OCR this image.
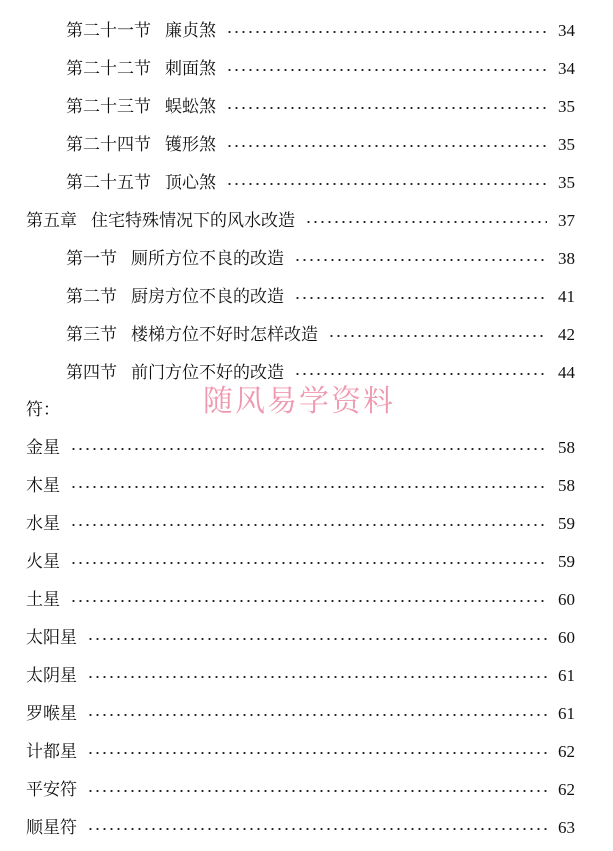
第二十一节 廉贞煞	34
第二十二节 刺面煞	34
第二十三节 蜈蚣煞	35
第二十四节 镬形煞	35
第二十五节 顶心煞	35
第五章 住宅特殊情况下的风水改造	37
第一节 厕所方位不良的改造	38
第二节 厨房方位不良的改造	41
第三节 楼梯方位不好时怎样改造	42
第四节 前门方位不好的改造	44
随风易学资料
符：
金星	58
木星	58
水星	59
火星	59
土星	60
太阳星	60
太阴星	61
罗喉星	61
计都星	62
平安符	62
顺星符	63
